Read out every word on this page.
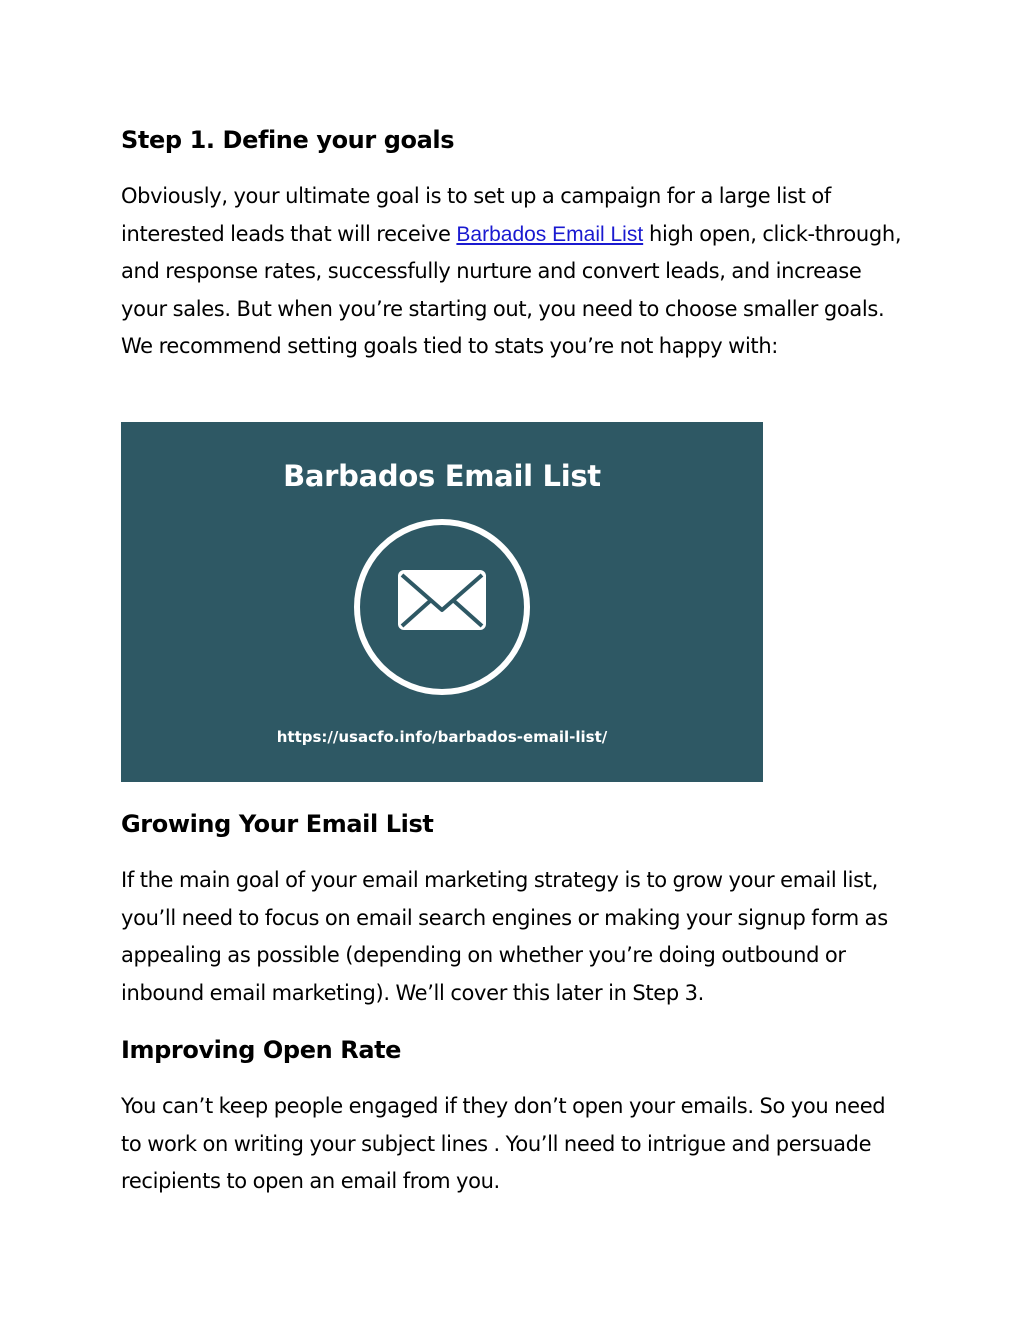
Step 1. Define your goals

Obviously, your ultimate goal is to set up a campaign for a large list of interested leads that will receive Barbados Email List high open, click-through, and response rates, successfully nurture and convert leads, and increase your sales. But when you’re starting out, you need to choose smaller goals. We recommend setting goals tied to stats you’re not happy with:

Barbados Email List
https://usacfo.info/barbados-email-list/
Growing Your Email List

If the main goal of your email marketing strategy is to grow your email list, you’ll need to focus on email search engines or making your signup form as appealing as possible (depending on whether you’re doing outbound or inbound email marketing). We’ll cover this later in Step 3.

Improving Open Rate

You can’t keep people engaged if they don’t open your emails. So you need to work on writing your subject lines . You’ll need to intrigue and persuade recipients to open an email from you.
